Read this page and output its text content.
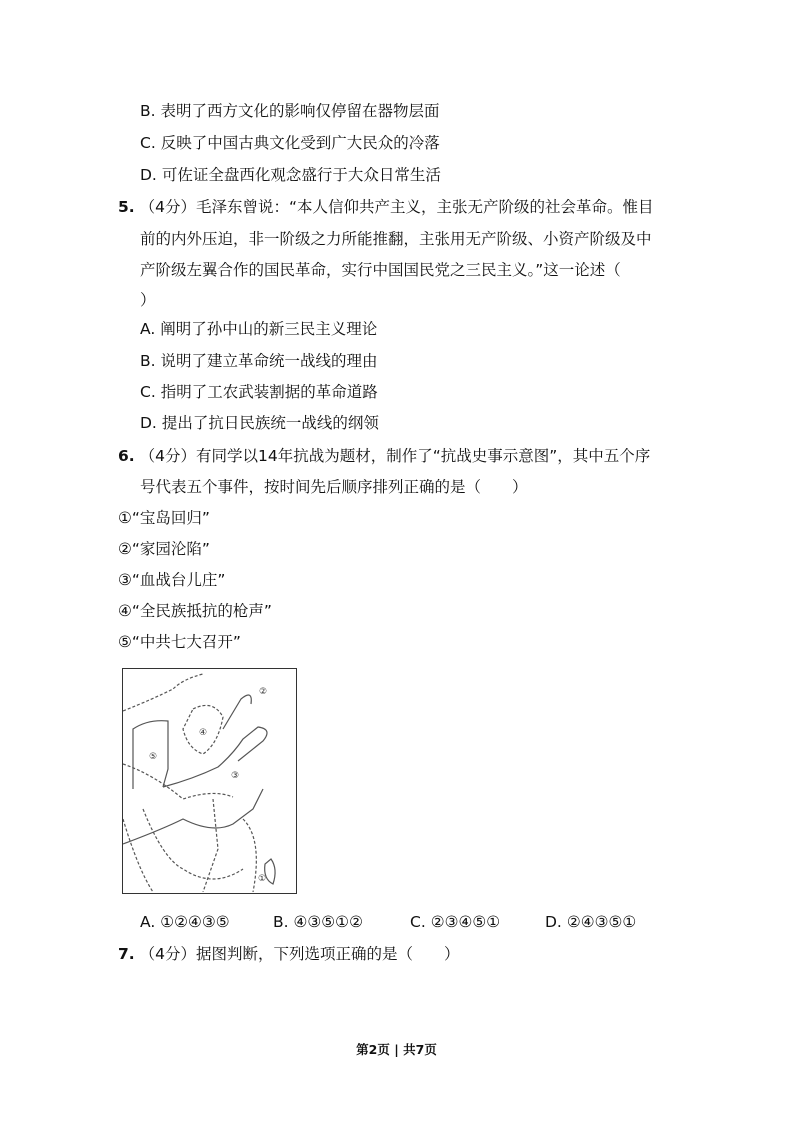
B. 表明了西方文化的影响仅停留在器物层面
C. 反映了中国古典文化受到广大民众的冷落
D. 可佐证全盘西化观念盛行于大众日常生活
5. （4分）毛泽东曾说：“本人信仰共产主义，主张无产阶级的社会革命。惟目
前的内外压迫，非一阶级之力所能推翻，主张用无产阶级、小资产阶级及中
产阶级左翼合作的国民革命，实行中国国民党之三民主义。”这一论述（
）
A. 阐明了孙中山的新三民主义理论
B. 说明了建立革命统一战线的理由
C. 指明了工农武装割据的革命道路
D. 提出了抗日民族统一战线的纲领
6. （4分）有同学以14年抗战为题材，制作了“抗战史事示意图”，其中五个序
号代表五个事件，按时间先后顺序排列正确的是（　　）
①“宝岛回归”
②“家园沦陷”
③“血战台儿庄”
④“全民族抵抗的枪声”
⑤“中共七大召开”
②
④
③
⑤
①
A. ①②④③⑤	B. ④③⑤①②	C. ②③④⑤①	D. ②④③⑤①
7. （4分）据图判断，下列选项正确的是（　　）
第2页 | 共7页
